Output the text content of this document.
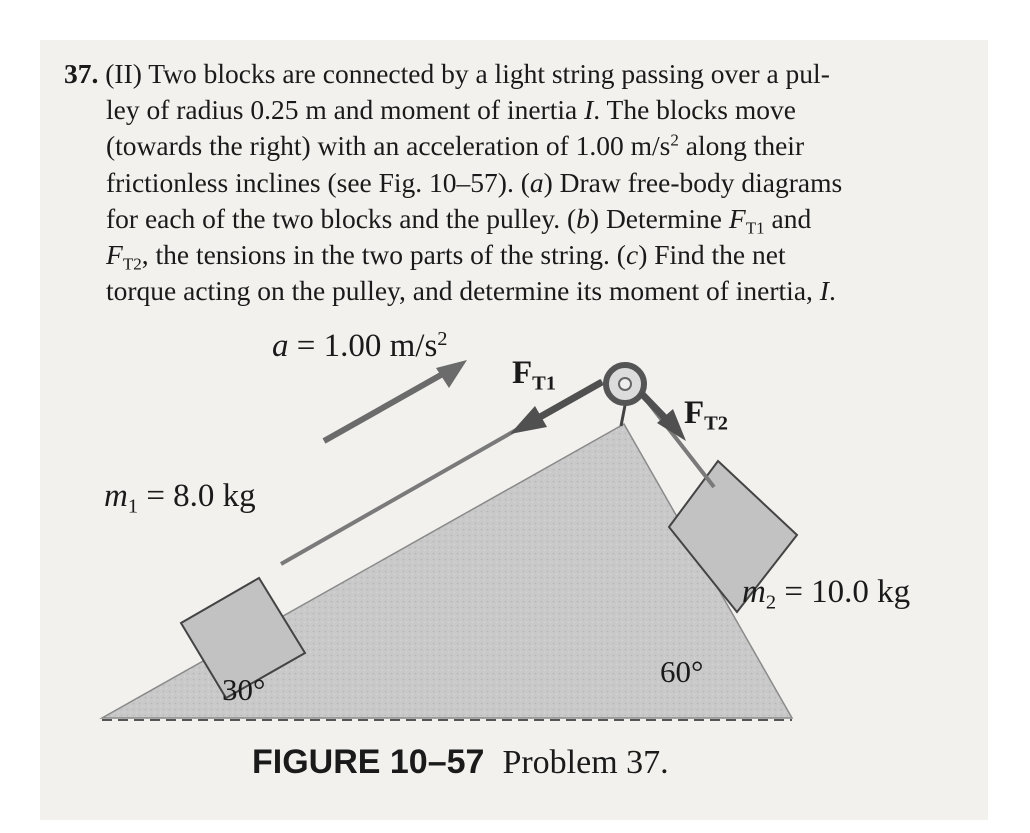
37. (II) Two blocks are connected by a light string passing over a pul-
ley of radius 0.25 m and moment of inertia I. The blocks move
(towards the right) with an acceleration of 1.00 $m/s^2$ along their
frictionless inclines (see Fig. 10–57). (a) Draw free-body diagrams
for each of the two blocks and the pulley. (b) Determine $F_{T1}$ and
$F_{T2}$, the tensions in the two parts of the string. (c) Find the net
torque acting on the pulley, and determine its moment of inertia, I.
a = 1.00 $m/s^2$
$F_{T1}$
$F_{T2}$
$m_1 = 8.0$ kg
$m_2 = 10.0$ kg
30°
60°
FIGURE 10–57 Problem 37.
